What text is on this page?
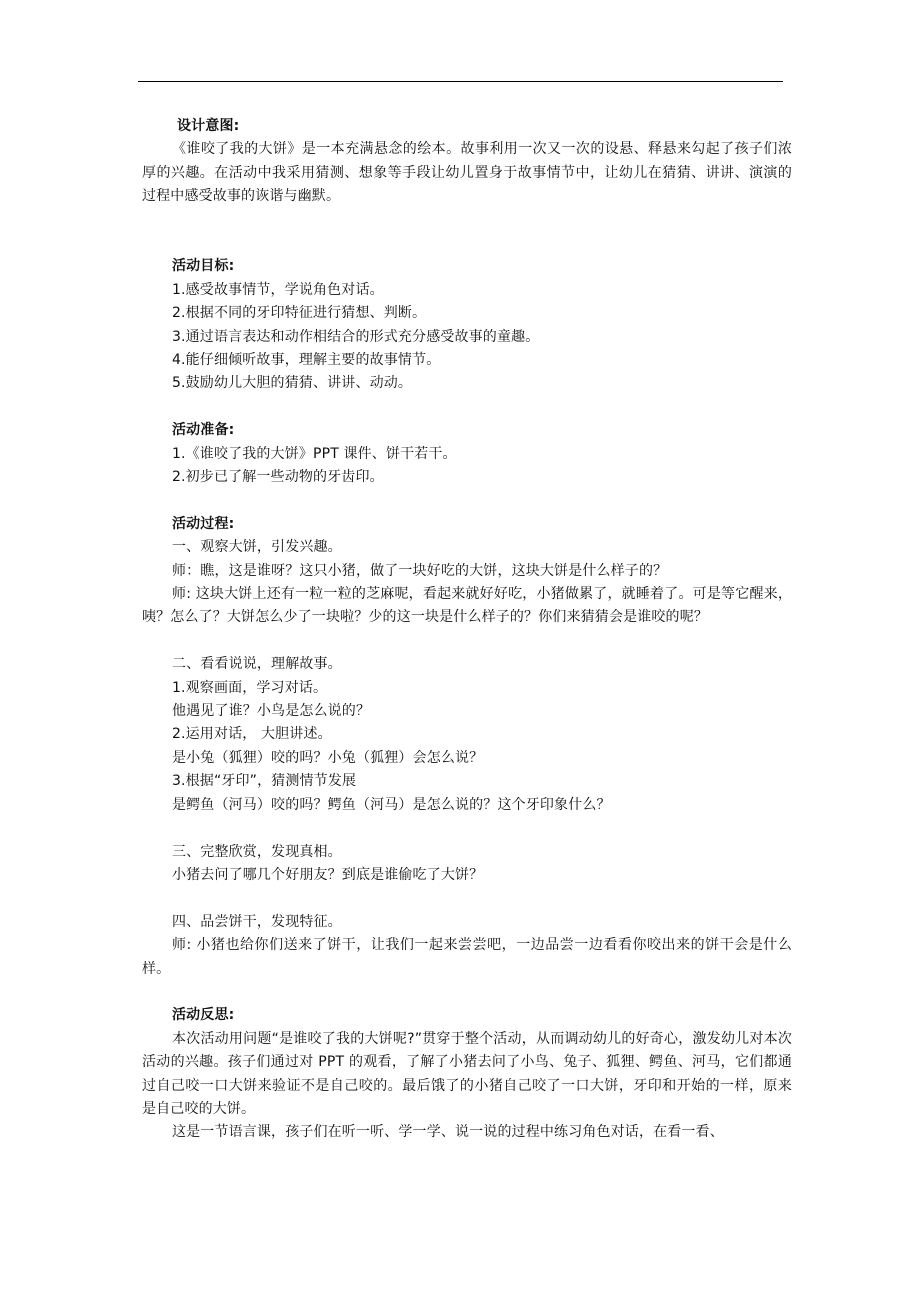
设计意图:

《谁咬了我的大饼》是一本充满悬念的绘本。故事利用一次又一次的设悬、释悬来勾起了孩子们浓厚的兴趣。在活动中我采用猜测、想象等手段让幼儿置身于故事情节中，让幼儿在猜猜、讲讲、演演的过程中感受故事的诙谐与幽默。

活动目标:

1.感受故事情节，学说角色对话。

2.根据不同的牙印特征进行猜想、判断。

3.通过语言表达和动作相结合的形式充分感受故事的童趣。

4.能仔细倾听故事，理解主要的故事情节。

5.鼓励幼儿大胆的猜猜、讲讲、动动。

活动准备:

1.《谁咬了我的大饼》PPT 课件、饼干若干。

2.初步已了解一些动物的牙齿印。

活动过程:

一、观察大饼，引发兴趣。

师：瞧，这是谁呀？这只小猪，做了一块好吃的大饼，这块大饼是什么样子的？

师: 这块大饼上还有一粒一粒的芝麻呢，看起来就好好吃，小猪做累了，就睡着了。可是等它醒来，咦？怎么了？大饼怎么少了一块啦？少的这一块是什么样子的？你们来猜猜会是谁咬的呢？

二、看看说说，理解故事。

1.观察画面，学习对话。

他遇见了谁？小鸟是怎么说的？

2.运用对话， 大胆讲述。

是小兔（狐狸）咬的吗？小兔（狐狸）会怎么说？

3.根据“牙印”，猜测情节发展

是鳄鱼（河马）咬的吗？鳄鱼（河马）是怎么说的？这个牙印象什么？

三、完整欣赏，发现真相。

小猪去问了哪几个好朋友？到底是谁偷吃了大饼？

四、品尝饼干，发现特征。

师: 小猪也给你们送来了饼干，让我们一起来尝尝吧，一边品尝一边看看你咬出来的饼干会是什么样。

活动反思:

本次活动用问题“是谁咬了我的大饼呢?”贯穿于整个活动，从而调动幼儿的好奇心，激发幼儿对本次活动的兴趣。孩子们通过对 PPT 的观看，了解了小猪去问了小鸟、兔子、狐狸、鳄鱼、河马，它们都通过自己咬一口大饼来验证不是自己咬的。最后饿了的小猪自己咬了一口大饼，牙印和开始的一样，原来是自己咬的大饼。

这是一节语言课，孩子们在听一听、学一学、说一说的过程中练习角色对话，在看一看、
